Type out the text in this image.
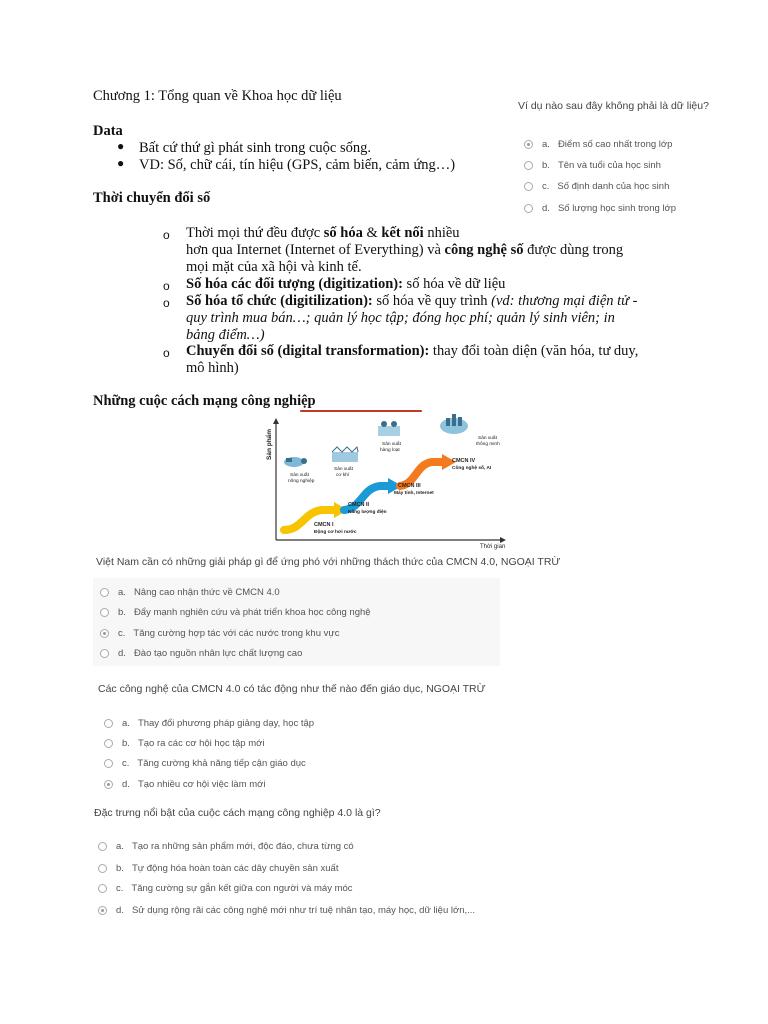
Chương 1: Tổng quan về Khoa học dữ liệu
Data
● Bất cứ thứ gì phát sinh trong cuộc sống.
● VD: Số, chữ cái, tín hiệu (GPS, cảm biến, cảm ứng…)
Thời chuyển đổi số
o Thời mọi thứ đều được số hóa & kết nối nhiều
hơn qua Internet (Internet of Everything) và công nghệ số được dùng trong
mọi mặt của xã hội và kinh tế.
o Số hóa các đối tượng (digitization): số hóa về dữ liệu
o Số hóa tổ chức (digitilization): số hóa về quy trình (vd: thương mại điện tử -
quy trình mua bán…; quản lý học tập; đóng học phí; quản lý sinh viên; in
bảng điểm…)
o Chuyển đổi số (digital transformation): thay đổi toàn diện (văn hóa, tư duy,
mô hình)
Những cuộc cách mạng công nghiệp
Sản phẩm
Thời gian
Sản xuất
nông nghiệp
Sản xuất
cơ khí
Sản xuất
hàng loạt
Sản xuất
thông minh
CMCN I
Động cơ hơi nước
CMCN II
Năng lượng điện
CMCN III
Máy tính, Internet
CMCN IV
Công nghệ số, AI
Ví dụ nào sau đây không phải là dữ liệu?
a. Điểm số cao nhất trong lớp
b. Tên và tuổi của học sinh
c. Số định danh của học sinh
d. Số lượng học sinh trong lớp
Việt Nam cần có những giải pháp gì để ứng phó với những thách thức của CMCN 4.0, NGOẠI TRỪ
a. Nâng cao nhận thức về CMCN 4.0
b. Đẩy mạnh nghiên cứu và phát triển khoa học công nghệ
c. Tăng cường hợp tác với các nước trong khu vực
d. Đào tạo nguồn nhân lực chất lượng cao
Các công nghệ của CMCN 4.0 có tác động như thế nào đến giáo dục, NGOẠI TRỪ
a. Thay đổi phương pháp giảng dạy, học tập
b. Tạo ra các cơ hội học tập mới
c. Tăng cường khả năng tiếp cận giáo dục
d. Tạo nhiều cơ hội việc làm mới
Đặc trưng nổi bật của cuộc cách mạng công nghiệp 4.0 là gì?
a. Tạo ra những sản phẩm mới, độc đáo, chưa từng có
b. Tự động hóa hoàn toàn các dây chuyền sản xuất
c. Tăng cường sự gắn kết giữa con người và máy móc
d. Sử dụng rộng rãi các công nghệ mới như trí tuệ nhân tạo, máy học, dữ liệu lớn,...
